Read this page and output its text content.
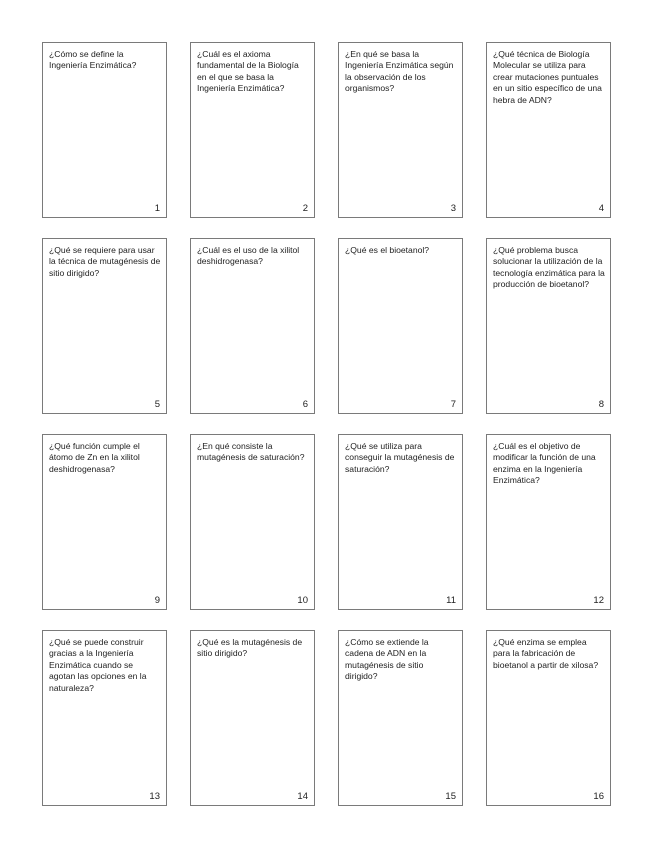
¿Cómo se define la Ingeniería Enzimática?

1

¿Cuál es el axioma fundamental de la Biología en el que se basa la Ingeniería Enzimática?

2

¿En qué se basa la Ingeniería Enzimática según la observación de los organismos?

3

¿Qué técnica de Biología Molecular se utiliza para crear mutaciones puntuales en un sitio específico de una hebra de ADN?

4

¿Qué se requiere para usar la técnica de mutagénesis de sitio dirigido?

5

¿Cuál es el uso de la xilitol deshidrogenasa?

6

¿Qué es el bioetanol?

7

¿Qué problema busca solucionar la utilización de la tecnología enzimática para la producción de bioetanol?

8

¿Qué función cumple el átomo de Zn en la xilitol deshidrogenasa?

9

¿En qué consiste la mutagénesis de saturación?

10

¿Qué se utiliza para conseguir la mutagénesis de saturación?

11

¿Cuál es el objetivo de modificar la función de una enzima en la Ingeniería Enzimática?

12

¿Qué se puede construir gracias a la Ingeniería Enzimática cuando se agotan las opciones en la naturaleza?

13

¿Qué es la mutagénesis de sitio dirigido?

14

¿Cómo se extiende la cadena de ADN en la mutagénesis de sitio dirigido?

15

¿Qué enzima se emplea para la fabricación de bioetanol a partir de xilosa?

16
